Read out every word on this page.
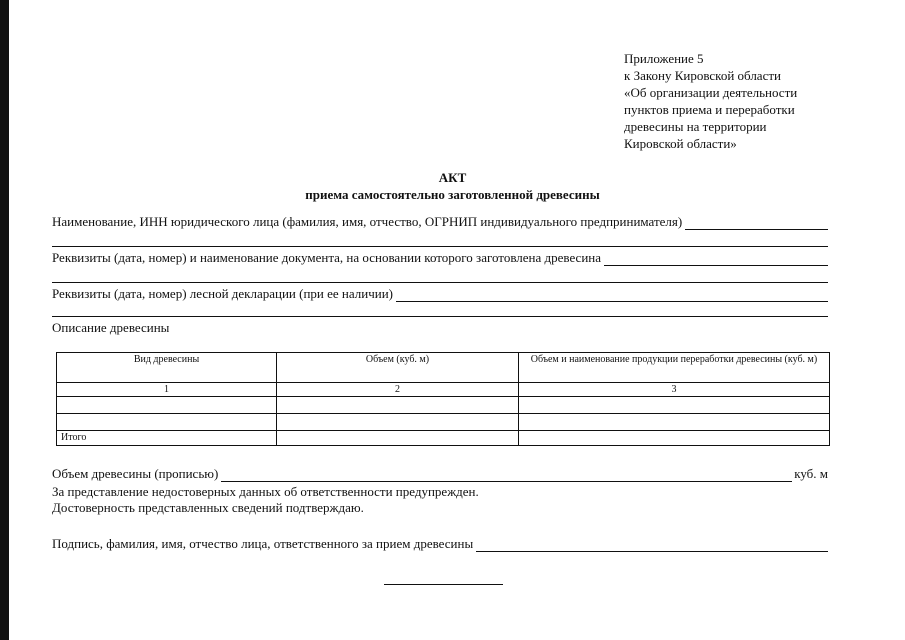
Приложение 5
к Закону Кировской области
«Об организации деятельности
пунктов приема и переработки
древесины на территории
Кировской области»
АКТ
приема самостоятельно заготовленной древесины
Наименование, ИНН юридического лица (фамилия, имя, отчество, ОГРНИП индивидуального предпринимателя)
Реквизиты (дата, номер) и наименование документа, на основании которого заготовлена древесина
Реквизиты (дата, номер) лесной декларации (при ее наличии)
Описание древесины
Вид древесины	Объем (куб. м)	Объем и наименование продукции переработки древесины (куб. м)
1	2	3

Итого		
Объем древесины (прописью)	куб. м
За представление недостоверных данных об ответственности предупрежден.
Достоверность представленных сведений подтверждаю.
Подпись, фамилия, имя, отчество лица, ответственного за прием древесины
